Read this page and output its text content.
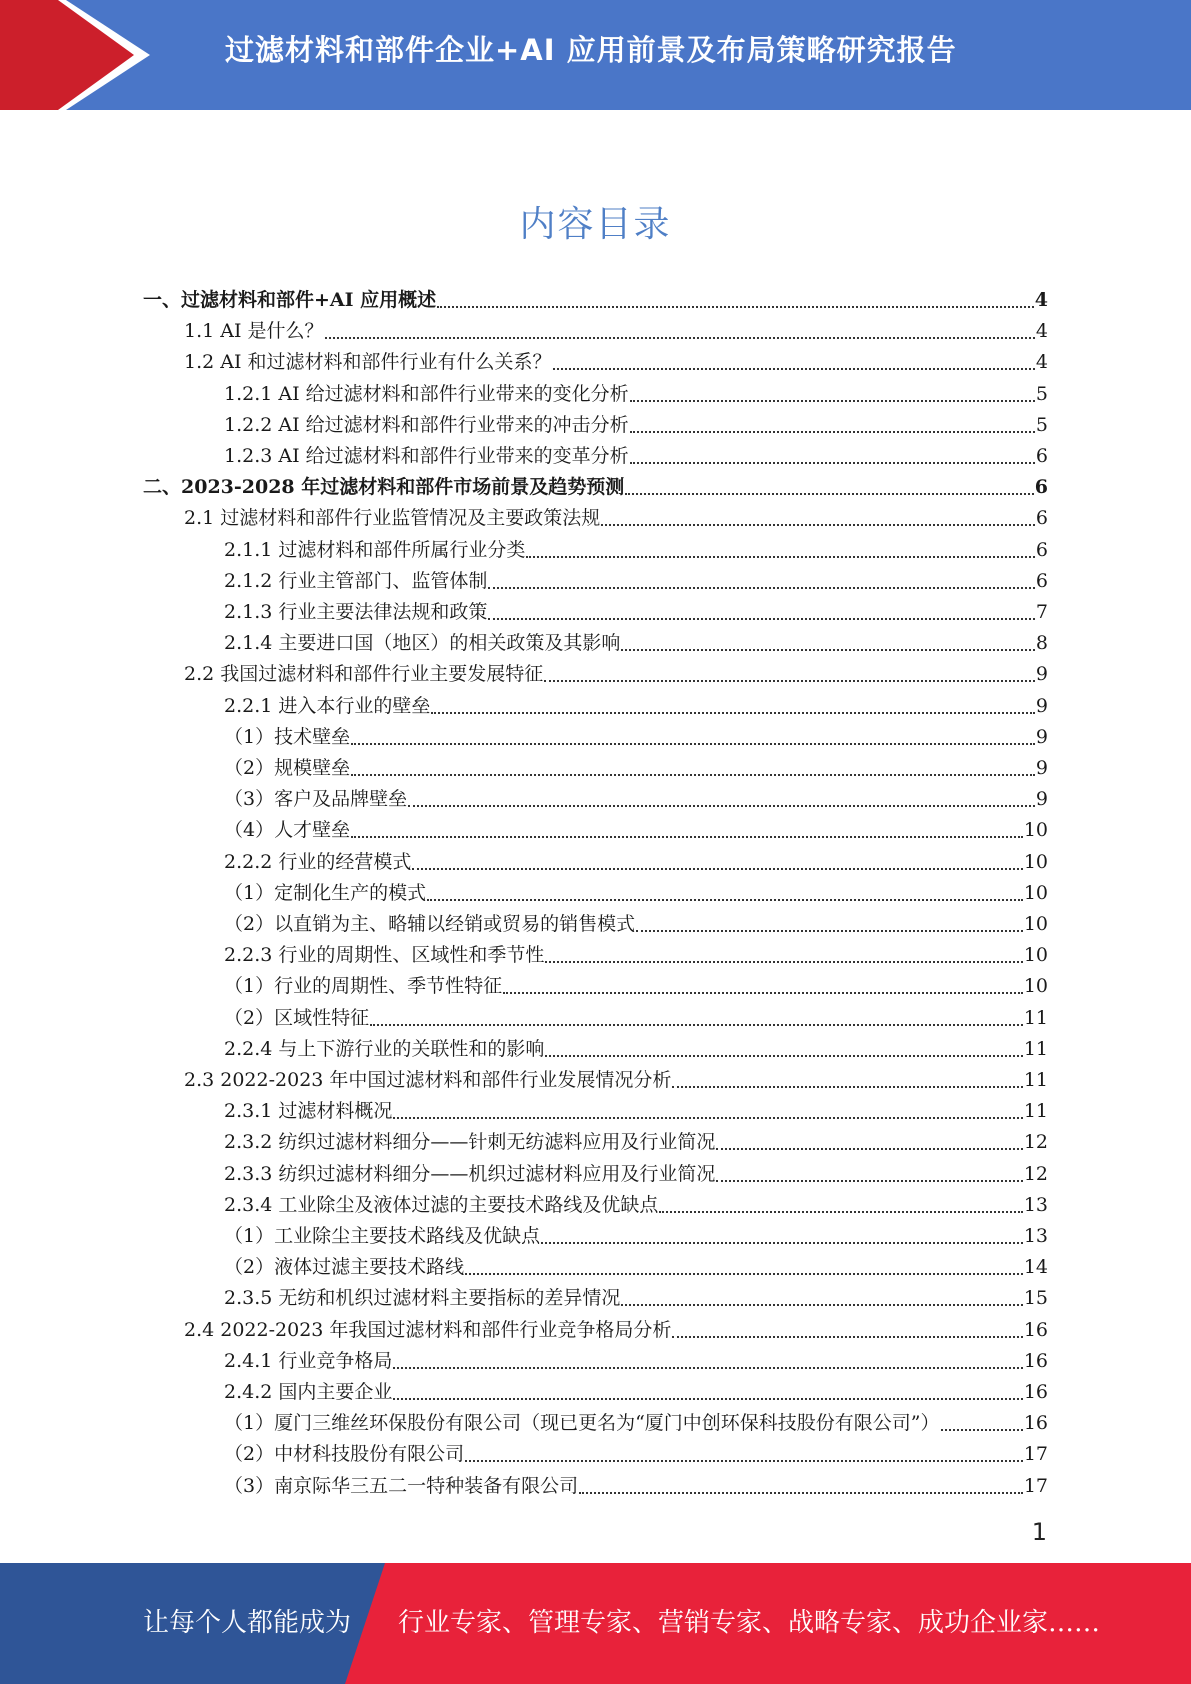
过滤材料和部件企业+AI 应用前景及布局策略研究报告
内容目录
一、过滤材料和部件+AI 应用概述	4
1.1 AI 是什么？	4
1.2 AI 和过滤材料和部件行业有什么关系？	4
1.2.1 AI 给过滤材料和部件行业带来的变化分析	5
1.2.2 AI 给过滤材料和部件行业带来的冲击分析	5
1.2.3 AI 给过滤材料和部件行业带来的变革分析	6
二、2023-2028 年过滤材料和部件市场前景及趋势预测	6
2.1 过滤材料和部件行业监管情况及主要政策法规	6
2.1.1 过滤材料和部件所属行业分类	6
2.1.2 行业主管部门、监管体制	6
2.1.3 行业主要法律法规和政策	7
2.1.4 主要进口国（地区）的相关政策及其影响	8
2.2 我国过滤材料和部件行业主要发展特征	9
2.2.1 进入本行业的壁垒	9
（1）技术壁垒	9
（2）规模壁垒	9
（3）客户及品牌壁垒	9
（4）人才壁垒	10
2.2.2 行业的经营模式	10
（1）定制化生产的模式	10
（2）以直销为主、略辅以经销或贸易的销售模式	10
2.2.3 行业的周期性、区域性和季节性	10
（1）行业的周期性、季节性特征	10
（2）区域性特征	11
2.2.4 与上下游行业的关联性和的影响	11
2.3 2022-2023 年中国过滤材料和部件行业发展情况分析	11
2.3.1 过滤材料概况	11
2.3.2 纺织过滤材料细分——针刺无纺滤料应用及行业简况	12
2.3.3 纺织过滤材料细分——机织过滤材料应用及行业简况	12
2.3.4 工业除尘及液体过滤的主要技术路线及优缺点	13
（1）工业除尘主要技术路线及优缺点	13
（2）液体过滤主要技术路线	14
2.3.5 无纺和机织过滤材料主要指标的差异情况	15
2.4 2022-2023 年我国过滤材料和部件行业竞争格局分析	16
2.4.1 行业竞争格局	16
2.4.2 国内主要企业	16
（1）厦门三维丝环保股份有限公司（现已更名为“厦门中创环保科技股份有限公司”）	16
（2）中材科技股份有限公司	17
（3）南京际华三五二一特种装备有限公司	17
1
让每个人都能成为 行业专家、管理专家、营销专家、战略专家、成功企业家……
